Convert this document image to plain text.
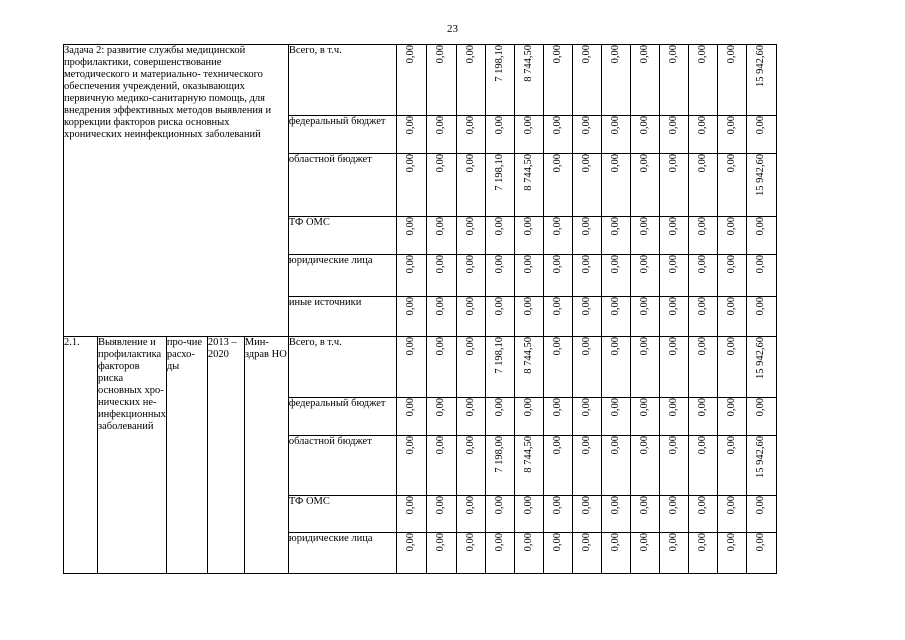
23
Задача 2: развитие службы медицинской профилактики, совершенствование методического и материально- технического обеспечения учреждений, оказывающих первичную медико-санитарную помощь, для внедрения эффективных методов выявления и коррекции факторов риска основных хронических неинфекционных заболеваний					Всего, в т.ч.	0,00	0,00	0,00	7 198,10	8 744,50	0,00	0,00	0,00	0,00	0,00	0,00	0,00	15 942,60
					федеральный бюджет	0,00	0,00	0,00	0,00	0,00	0,00	0,00	0,00	0,00	0,00	0,00	0,00	0,00
					областной бюджет	0,00	0,00	0,00	7 198,10	8 744,50	0,00	0,00	0,00	0,00	0,00	0,00	0,00	15 942,60
					ТФ ОМС	0,00	0,00	0,00	0,00	0,00	0,00	0,00	0,00	0,00	0,00	0,00	0,00	0,00
					юридические лица	0,00	0,00	0,00	0,00	0,00	0,00	0,00	0,00	0,00	0,00	0,00	0,00	0,00
					иные источники	0,00	0,00	0,00	0,00	0,00	0,00	0,00	0,00	0,00	0,00	0,00	0,00	0,00
2.1.	Выявление и профилактика факторов риска основных хро-нических не-инфекционных заболеваний	про-чие расхо-ды	2013 – 2020	Мин-здрав НО	Всего, в т.ч.	0,00	0,00	0,00	7 198,10	8 744,50	0,00	0,00	0,00	0,00	0,00	0,00	0,00	15 942,60
					федеральный бюджет	0,00	0,00	0,00	0,00	0,00	0,00	0,00	0,00	0,00	0,00	0,00	0,00	0,00
					областной бюджет	0,00	0,00	0,00	7 198,00	8 744,50	0,00	0,00	0,00	0,00	0,00	0,00	0,00	15 942,60
					ТФ ОМС	0,00	0,00	0,00	0,00	0,00	0,00	0,00	0,00	0,00	0,00	0,00	0,00	0,00
					юридические лица	0,00	0,00	0,00	0,00	0,00	0,00	0,00	0,00	0,00	0,00	0,00	0,00	0,00
